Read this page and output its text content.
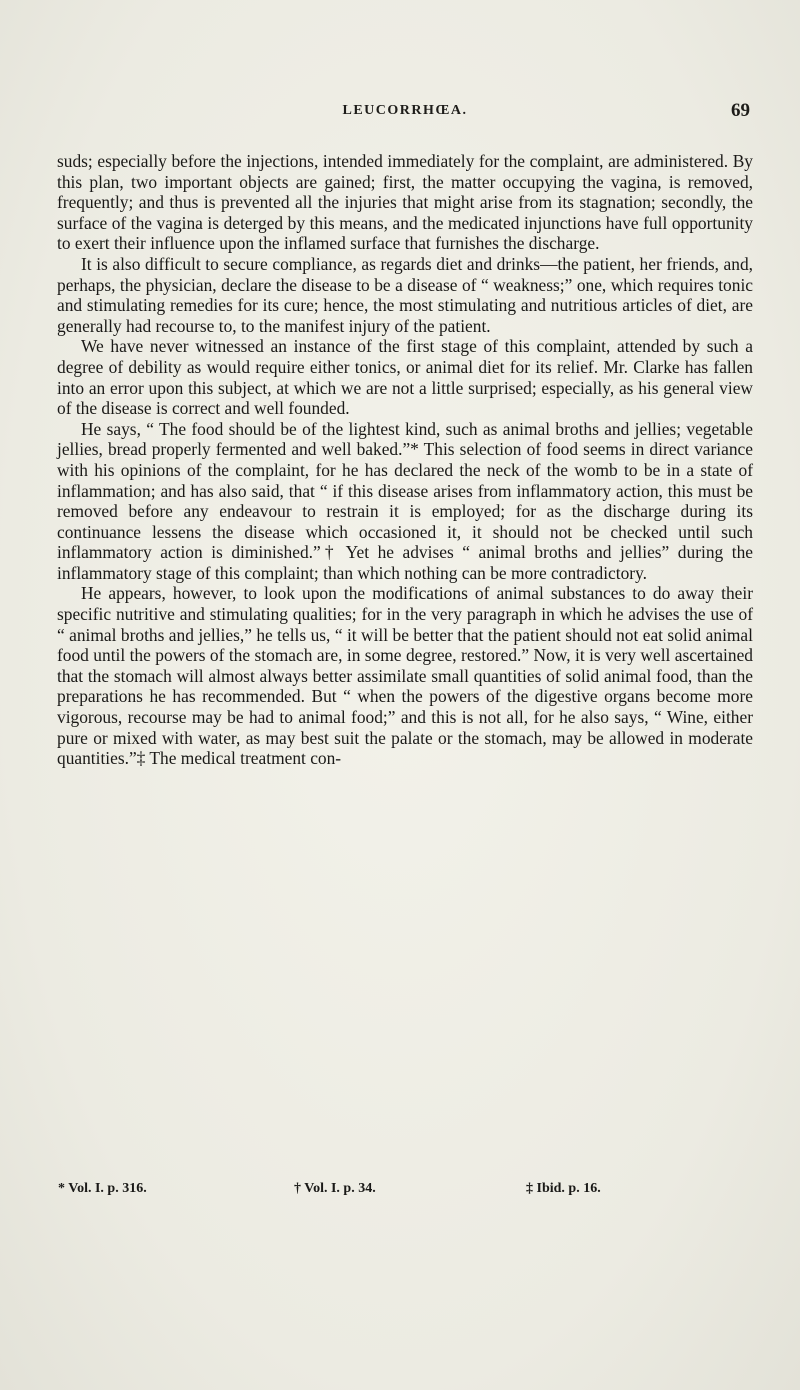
LEUCORRHŒA.	69

suds; especially before the injections, intended immediately for the complaint, are administered. By this plan, two important objects are gained; first, the matter occupying the vagina, is removed, frequently; and thus is prevented all the injuries that might arise from its stagnation; secondly, the surface of the vagina is deterged by this means, and the medicated injunctions have full opportunity to exert their influence upon the inflamed surface that furnishes the discharge.

It is also difficult to secure compliance, as regards diet and drinks—the patient, her friends, and, perhaps, the physician, declare the disease to be a disease of “ weakness;” one, which requires tonic and stimulating remedies for its cure; hence, the most stimulating and nutritious articles of diet, are generally had recourse to, to the manifest injury of the patient.

We have never witnessed an instance of the first stage of this complaint, attended by such a degree of debility as would require either tonics, or animal diet for its relief. Mr. Clarke has fallen into an error upon this subject, at which we are not a little surprised; especially, as his general view of the disease is correct and well founded.

He says, “ The food should be of the lightest kind, such as animal broths and jellies; vegetable jellies, bread properly fermented and well baked.”* This selection of food seems in direct variance with his opinions of the complaint, for he has declared the neck of the womb to be in a state of inflammation; and has also said, that “ if this disease arises from inflammatory action, this must be removed before any endeavour to restrain it is employed; for as the discharge during its continuance lessens the disease which occasioned it, it should not be checked until such inflammatory action is diminished.”† Yet he advises “ animal broths and jellies” during the inflammatory stage of this complaint; than which nothing can be more contradictory.

He appears, however, to look upon the modifications of animal substances to do away their specific nutritive and stimulating qualities; for in the very paragraph in which he advises the use of “ animal broths and jellies,” he tells us, “ it will be better that the patient should not eat solid animal food until the powers of the stomach are, in some degree, restored.” Now, it is very well ascertained that the stomach will almost always better assimilate small quantities of solid animal food, than the preparations he has recommended. But “ when the powers of the digestive organs become more vigorous, recourse may be had to animal food;” and this is not all, for he also says, “ Wine, either pure or mixed with water, as may best suit the palate or the stomach, may be allowed in moderate quantities.”‡ The medical treatment con-

* Vol. I. p. 316.	† Vol. I. p. 34.	‡ Ibid. p. 16.
